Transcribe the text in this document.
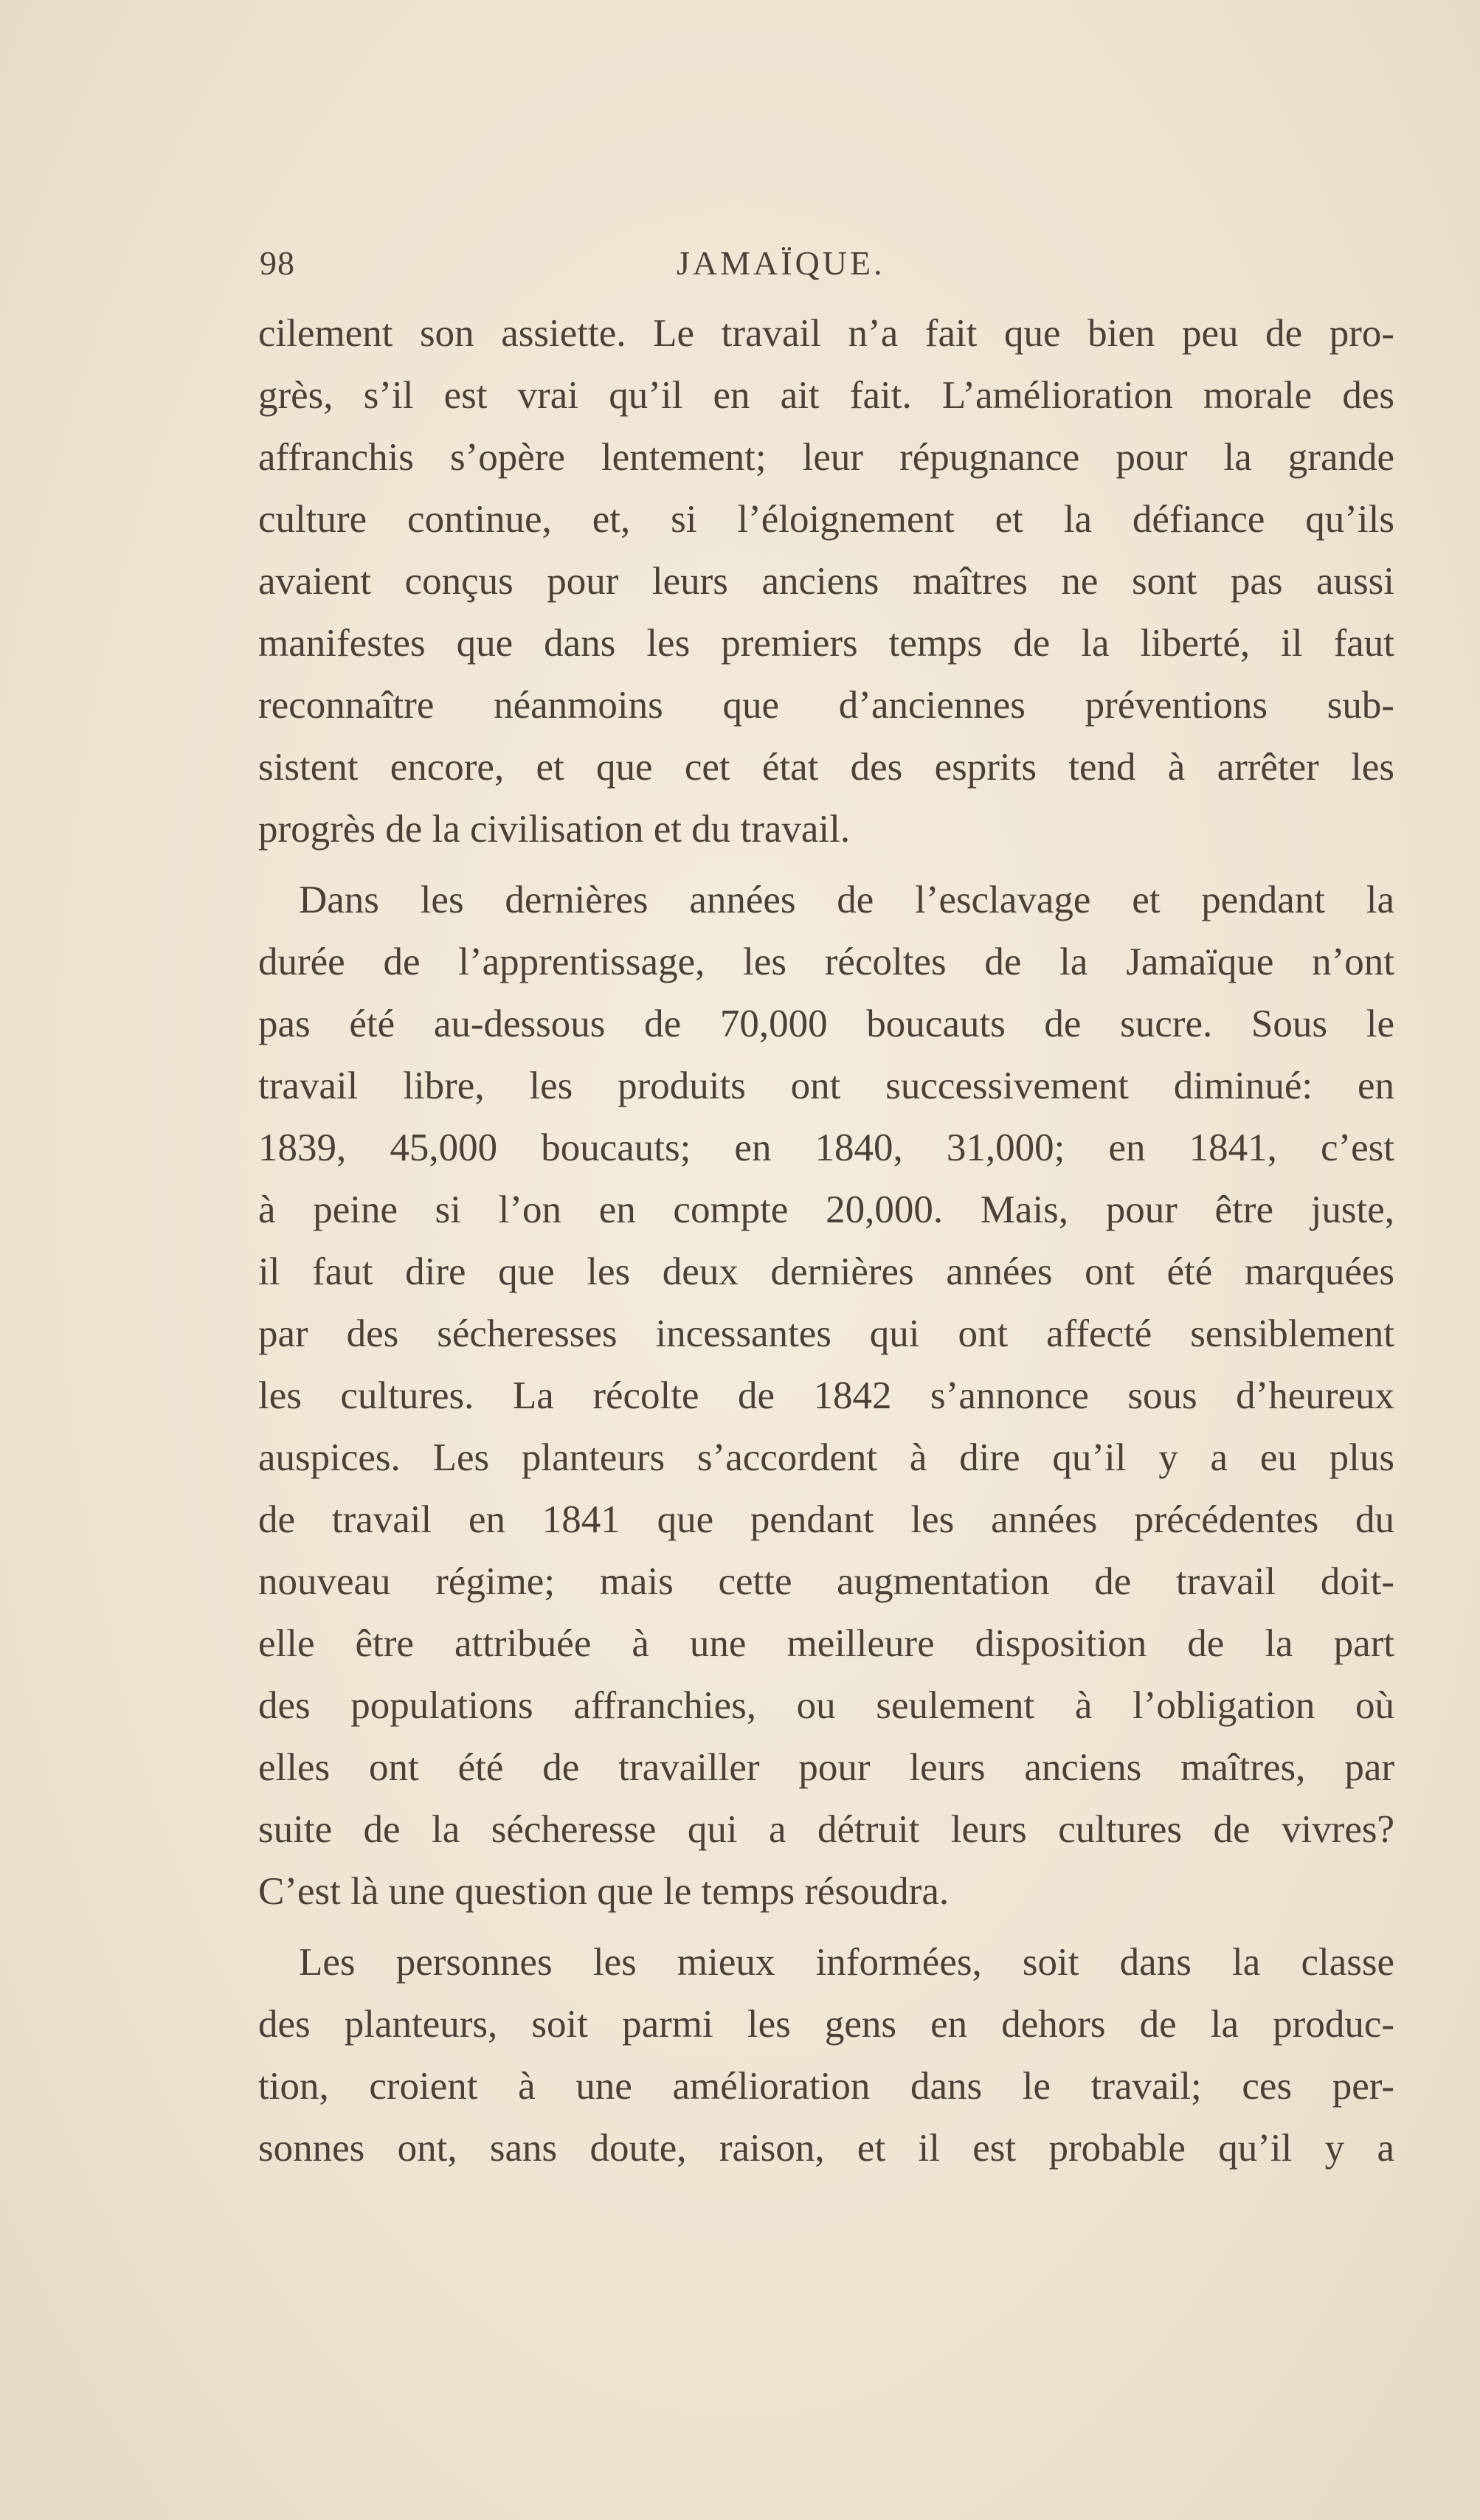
98	JAMAÏQUE.
cilement son assiette. Le travail n’a fait que bien peu de pro-
grès, s’il est vrai qu’il en ait fait. L’amélioration morale des
affranchis s’opère lentement; leur répugnance pour la grande
culture continue, et, si l’éloignement et la défiance qu’ils
avaient conçus pour leurs anciens maîtres ne sont pas aussi
manifestes que dans les premiers temps de la liberté, il faut
reconnaître néanmoins que d’anciennes préventions sub-
sistent encore, et que cet état des esprits tend à arrêter les
progrès de la civilisation et du travail.
Dans les dernières années de l’esclavage et pendant la
durée de l’apprentissage, les récoltes de la Jamaïque n’ont
pas été au-dessous de 70,000 boucauts de sucre. Sous le
travail libre, les produits ont successivement diminué: en
1839, 45,000 boucauts; en 1840, 31,000; en 1841, c’est
à peine si l’on en compte 20,000. Mais, pour être juste,
il faut dire que les deux dernières années ont été marquées
par des sécheresses incessantes qui ont affecté sensiblement
les cultures. La récolte de 1842 s’annonce sous d’heureux
auspices. Les planteurs s’accordent à dire qu’il y a eu plus
de travail en 1841 que pendant les années précédentes du
nouveau régime; mais cette augmentation de travail doit-
elle être attribuée à une meilleure disposition de la part
des populations affranchies, ou seulement à l’obligation où
elles ont été de travailler pour leurs anciens maîtres, par
suite de la sécheresse qui a détruit leurs cultures de vivres?
C’est là une question que le temps résoudra.
Les personnes les mieux informées, soit dans la classe
des planteurs, soit parmi les gens en dehors de la produc-
tion, croient à une amélioration dans le travail; ces per-
sonnes ont, sans doute, raison, et il est probable qu’il y a
